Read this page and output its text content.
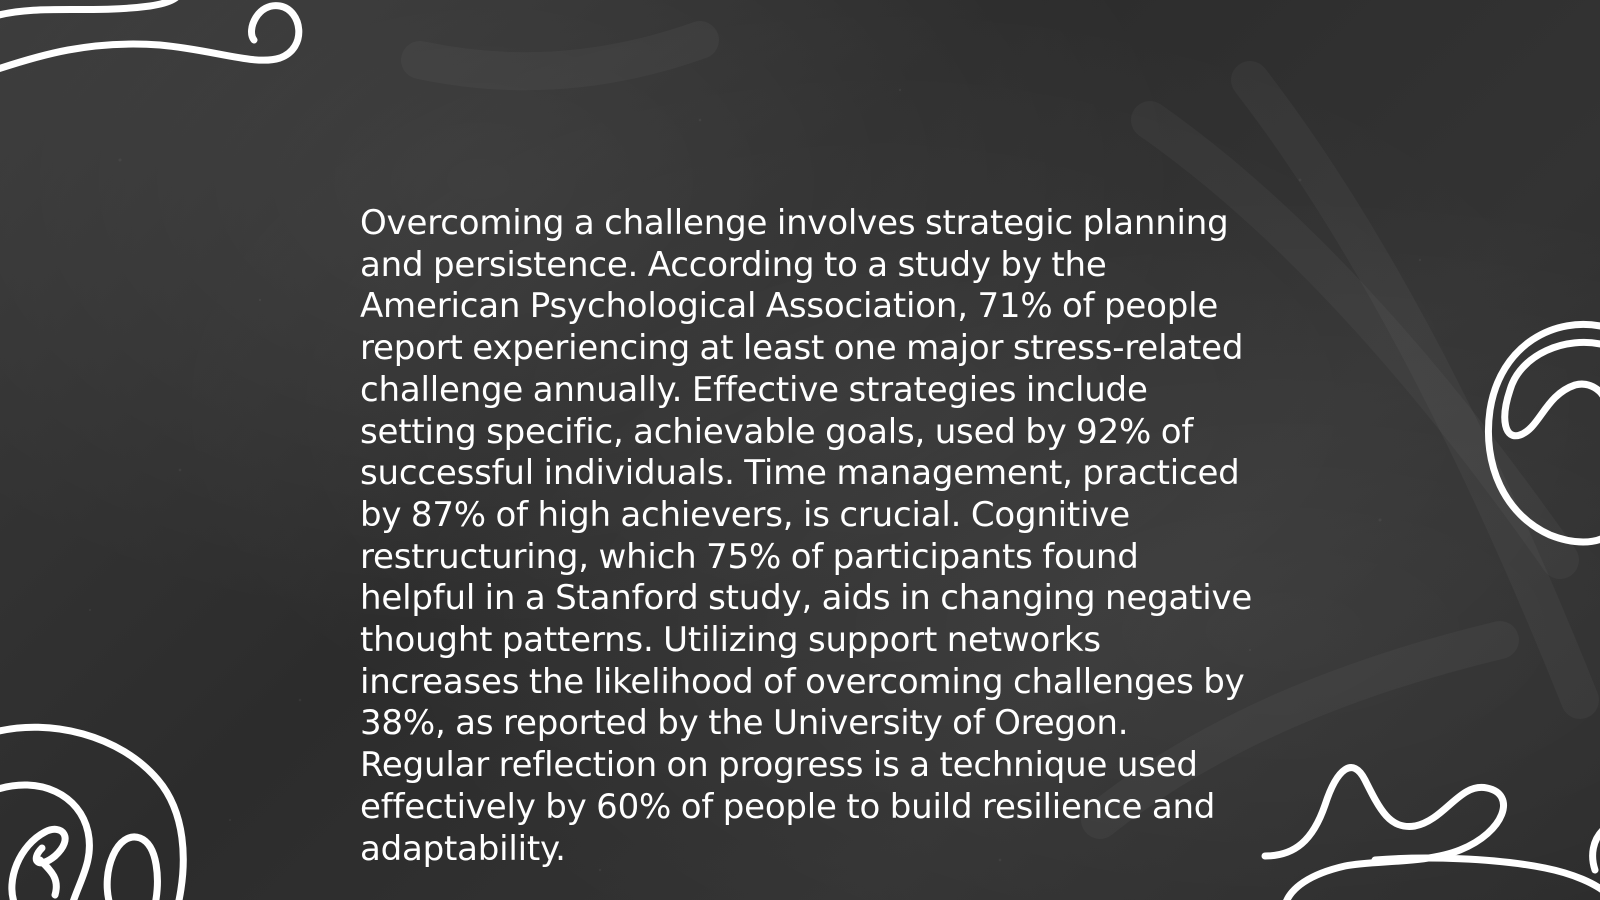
Overcoming a challenge involves strategic planning and persistence. According to a study by the American Psychological Association, 71% of people report experiencing at least one major stress-related challenge annually. Effective strategies include setting specific, achievable goals, used by 92% of successful individuals. Time management, practiced by 87% of high achievers, is crucial. Cognitive restructuring, which 75% of participants found helpful in a Stanford study, aids in changing negative thought patterns. Utilizing support networks increases the likelihood of overcoming challenges by 38%, as reported by the University of Oregon. Regular reflection on progress is a technique used effectively by 60% of people to build resilience and adaptability.
